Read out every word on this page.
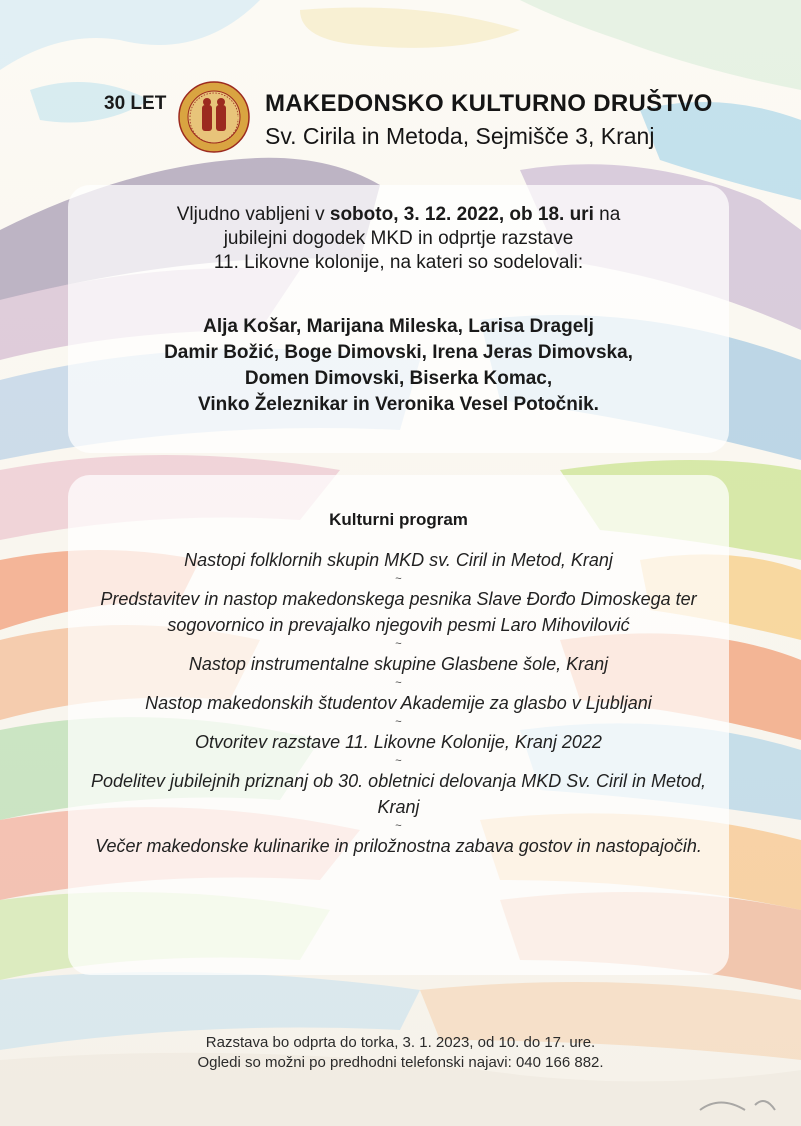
30 LET	MAKEDONSKO KULTURNO DRUŠTVO
Sv. Cirila in Metoda, Sejmišče 3, Kranj
Vljudno vabljeni v soboto, 3. 12. 2022, ob 18. uri na
jubilejni dogodek MKD in odprtje razstave
11. Likovne kolonije, na kateri so sodelovali:
Alja Košar, Marijana Mileska, Larisa Dragelj
Damir Božić, Boge Dimovski, Irena Jeras Dimovska,
Domen Dimovski, Biserka Komac,
Vinko Železnikar in Veronika Vesel Potočnik.
Kulturni program
Nastopi folklornih skupin MKD sv. Ciril in Metod, Kranj
~
Predstavitev in nastop makedonskega pesnika Slave Đorđo Dimoskega ter sogovornico in prevajalko njegovih pesmi Laro Mihovilović
~
Nastop instrumentalne skupine Glasbene šole, Kranj
~
Nastop makedonskih študentov Akademije za glasbo v Ljubljani
~
Otvoritev razstave 11. Likovne Kolonije, Kranj 2022
~
Podelitev jubilejnih priznanj ob 30. obletnici delovanja MKD Sv. Ciril in Metod, Kranj
~
Večer makedonske kulinarike in priložnostna zabava gostov in nastopajočih.
Razstava bo odprta do torka, 3. 1. 2023, od 10. do 17. ure.
Ogledi so možni po predhodni telefonski najavi: 040 166 882.
